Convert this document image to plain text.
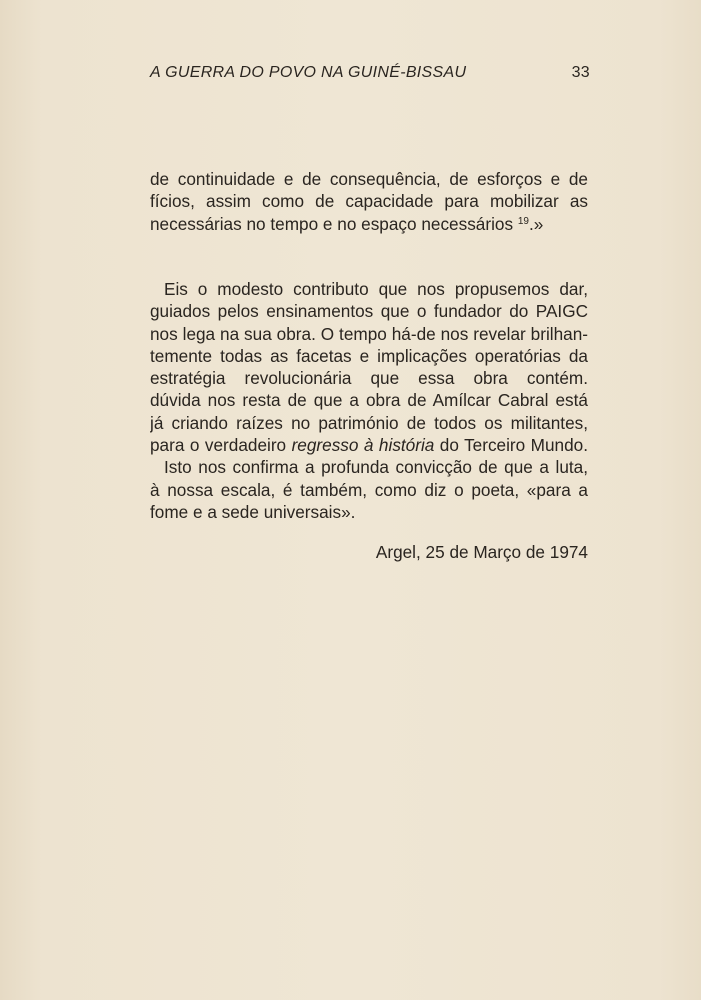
A GUERRA DO POVO NA GUINÉ-BISSAU	33
de continuidade e de consequência, de esforços e de
fícios, assim como de capacidade para mobilizar as
necessárias no tempo e no espaço necessários $^{19}$.»
Eis o modesto contributo que nos propusemos dar,
guiados pelos ensinamentos que o fundador do PAIGC
nos lega na sua obra. O tempo há-de nos revelar brilhan-
temente todas as facetas e implicações operatórias da
estratégia revolucionária que essa obra contém.
dúvida nos resta de que a obra de Amílcar Cabral está
já criando raízes no património de todos os militantes,
para o verdadeiro regresso à história do Terceiro Mundo.
Isto nos confirma a profunda convicção de que a luta,
à nossa escala, é também, como diz o poeta, «para a
fome e a sede universais».
Argel, 25 de Março de 1974
